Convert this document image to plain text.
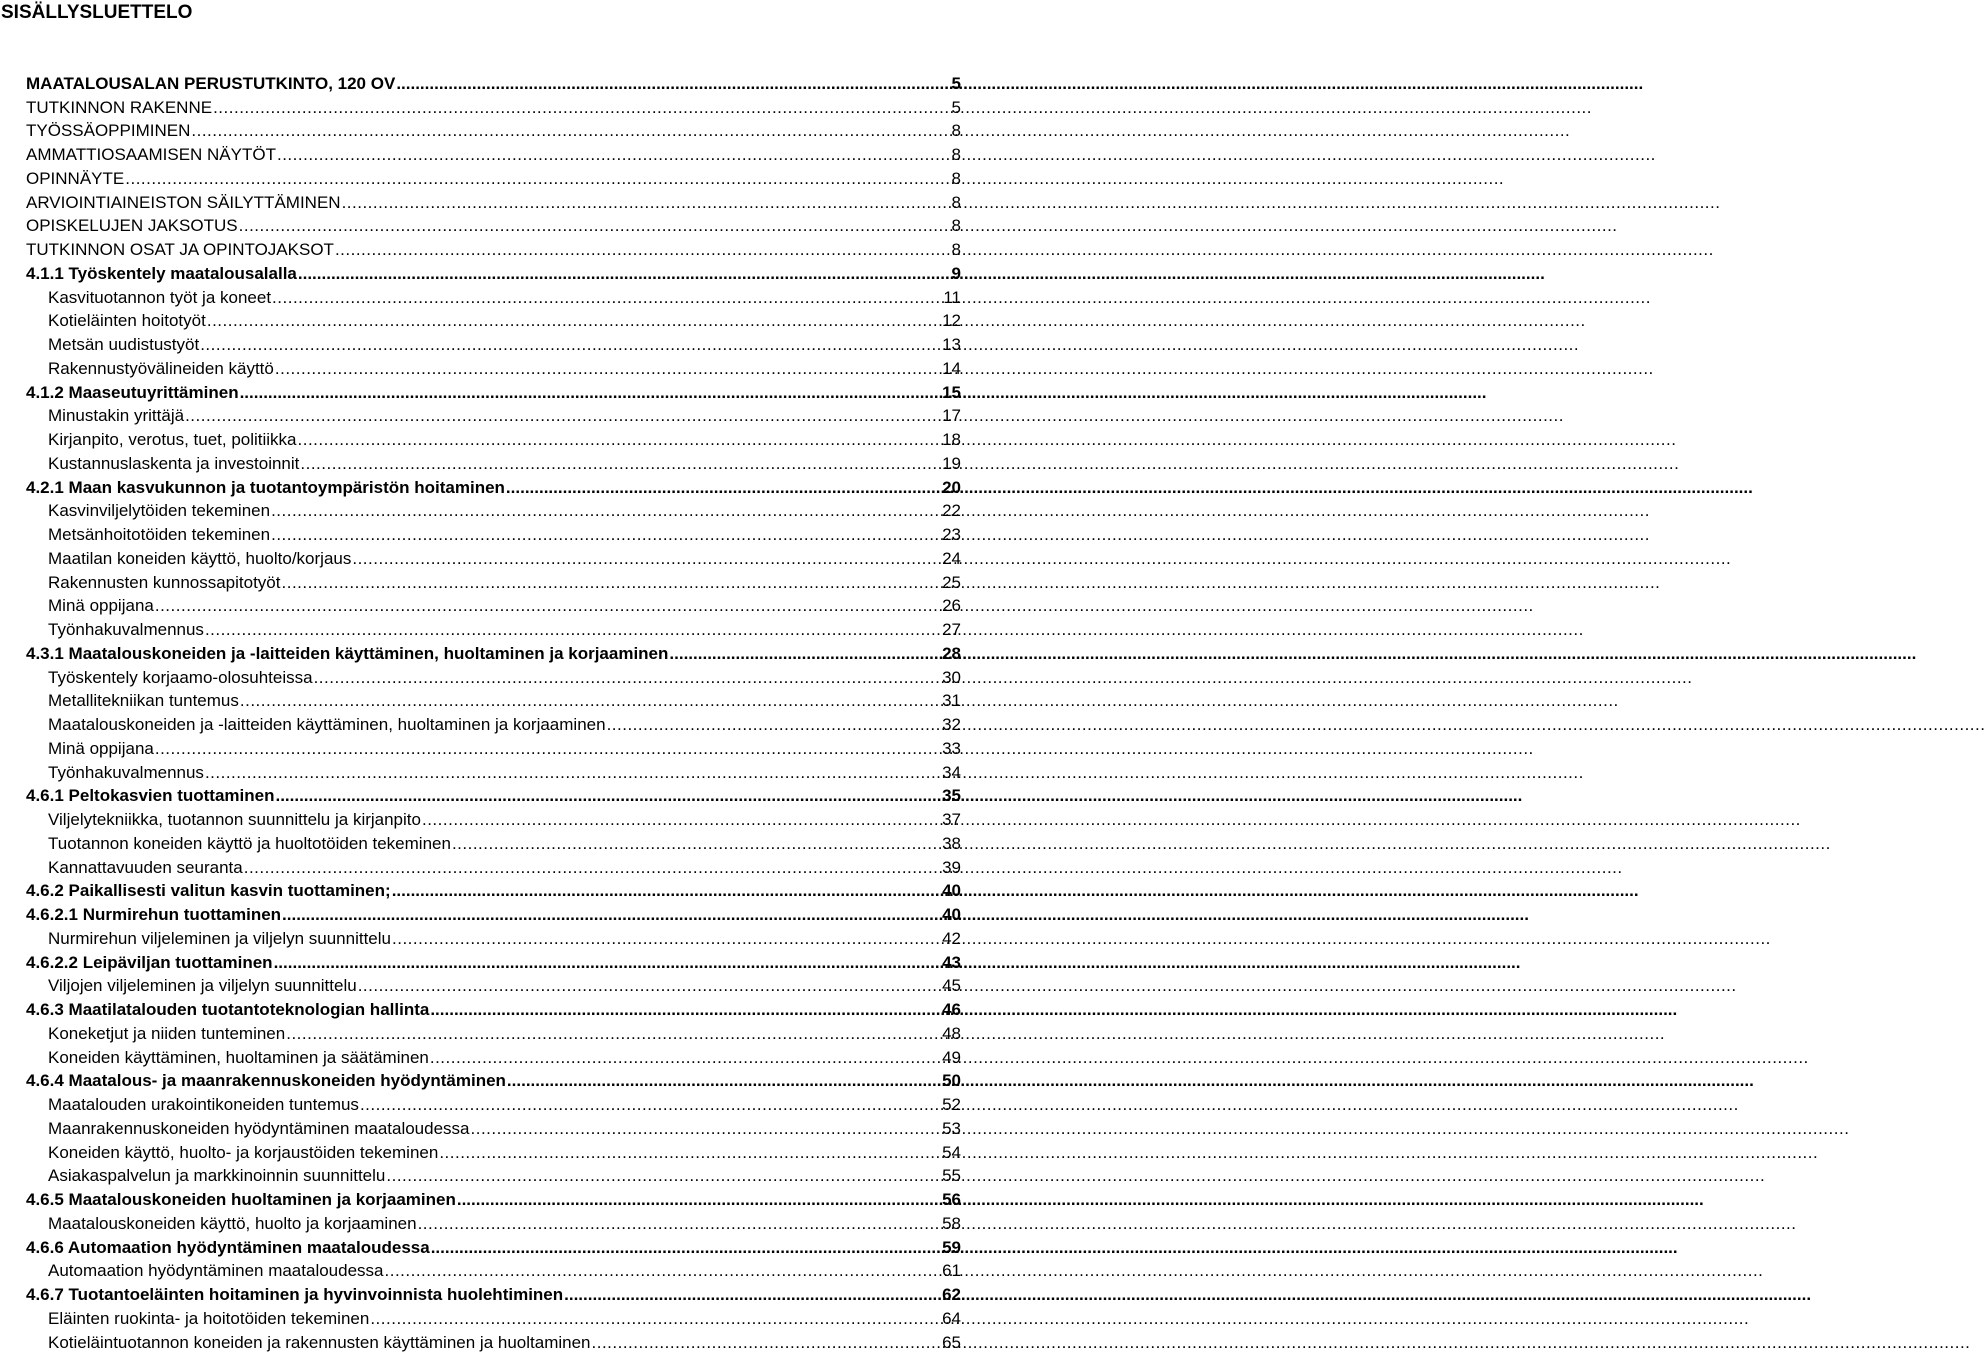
SISÄLLYSLUETTELO
MAATALOUSALAN PERUSTUTKINTO, 120 OV .....	5
TUTKINNON RAKENNE .....	5
TYÖSSÄOPPIMINEN .....	8
AMMATTIOSAAMISEN NÄYTÖT .....	8
OPINNÄYTE .....	8
ARVIOINTIAINEISTON SÄILYTTÄMINEN .....	8
OPISKELUJEN JAKSOTUS .....	8
TUTKINNON OSAT JA OPINTOJAKSOT .....	8
4.1.1 Työskentely maatalousalalla .....	9
Kasvituotannon työt ja koneet .....	11
Kotieläinten hoitotyöt .....	12
Metsän uudistustyöt .....	13
Rakennustyövälineiden käyttö .....	14
4.1.2 Maaseutuyrittäminen .....	15
Minustakin yrittäjä .....	17
Kirjanpito, verotus, tuet, politiikka .....	18
Kustannuslaskenta ja investoinnit .....	19
4.2.1 Maan kasvukunnon ja tuotantoympäristön hoitaminen .....	20
Kasvinviljelytöiden tekeminen .....	22
Metsänhoitotöiden tekeminen .....	23
Maatilan koneiden käyttö, huolto/korjaus .....	24
Rakennusten kunnossapitotyöt .....	25
Minä oppijana .....	26
Työnhakuvalmennus .....	27
4.3.1 Maatalouskoneiden ja -laitteiden käyttäminen, huoltaminen ja korjaaminen .....	28
Työskentely korjaamo-olosuhteissa .....	30
Metallitekniikan tuntemus .....	31
Maatalouskoneiden ja -laitteiden käyttäminen, huoltaminen ja korjaaminen .....	32
Minä oppijana .....	33
Työnhakuvalmennus .....	34
4.6.1 Peltokasvien tuottaminen .....	35
Viljelytekniikka, tuotannon suunnittelu ja kirjanpito .....	37
Tuotannon koneiden käyttö ja huoltotöiden tekeminen .....	38
Kannattavuuden seuranta .....	39
4.6.2 Paikallisesti valitun kasvin tuottaminen; .....	40
4.6.2.1 Nurmirehun tuottaminen .....	40
Nurmirehun viljeleminen ja viljelyn suunnittelu .....	42
4.6.2.2 Leipäviljan tuottaminen .....	43
Viljojen viljeleminen ja viljelyn suunnittelu .....	45
4.6.3 Maatilatalouden tuotantoteknologian hallinta .....	46
Koneketjut ja niiden tunteminen .....	48
Koneiden käyttäminen, huoltaminen ja säätäminen .....	49
4.6.4 Maatalous- ja maanrakennuskoneiden hyödyntäminen .....	50
Maatalouden urakointikoneiden tuntemus .....	52
Maanrakennuskoneiden hyödyntäminen maataloudessa .....	53
Koneiden käyttö, huolto- ja korjaustöiden tekeminen .....	54
Asiakaspalvelun ja markkinoinnin suunnittelu .....	55
4.6.5 Maatalouskoneiden huoltaminen ja korjaaminen .....	56
Maatalouskoneiden käyttö, huolto ja korjaaminen .....	58
4.6.6 Automaation hyödyntäminen maataloudessa .....	59
Automaation hyödyntäminen maataloudessa .....	61
4.6.7 Tuotantoeläinten hoitaminen ja hyvinvoinnista huolehtiminen .....	62
Eläinten ruokinta- ja hoitotöiden tekeminen .....	64
Kotieläintuotannon koneiden ja rakennusten käyttäminen ja huoltaminen .....	65
